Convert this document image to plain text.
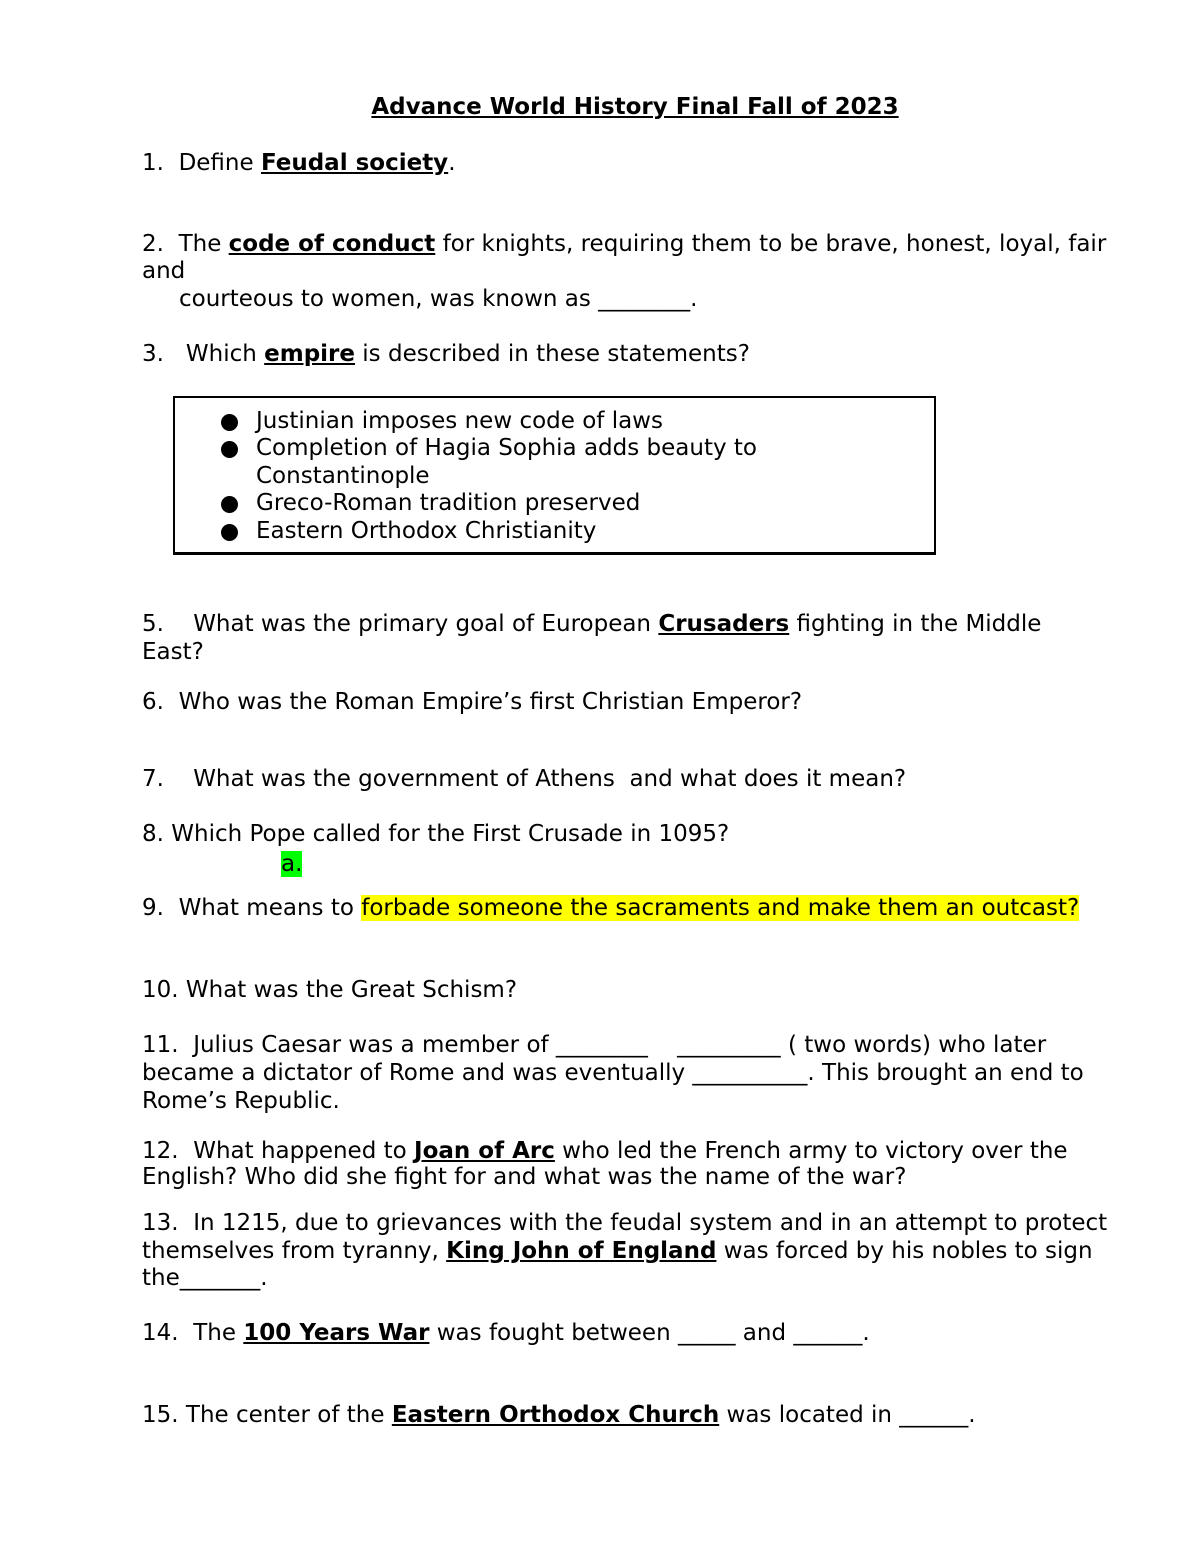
Advance World History Final Fall of 2023
1.  Define Feudal society.
2.  The code of conduct for knights, requiring them to be brave, honest, loyal, fair
and
courteous to women, was known as ________.
3.   Which empire is described in these statements?
Justinian imposes new code of laws
Completion of Hagia Sophia adds beauty to
Constantinople
Greco-Roman tradition preserved
Eastern Orthodox Christianity
5.    What was the primary goal of European Crusaders fighting in the Middle
East?
6.  Who was the Roman Empire’s first Christian Emperor?
7.    What was the government of Athens  and what does it mean?
8. Which Pope called for the First Crusade in 1095?
a.
9.  What means to forbade someone the sacraments and make them an outcast?
10. What was the Great Schism?
11.  Julius Caesar was a member of ________    _________ ( two words) who later
became a dictator of Rome and was eventually __________. This brought an end to
Rome’s Republic.
12.  What happened to Joan of Arc who led the French army to victory over the
English? Who did she fight for and what was the name of the war?
13.  In 1215, due to grievances with the feudal system and in an attempt to protect
themselves from tyranny, King John of England was forced by his nobles to sign
the_______.
14.  The 100 Years War was fought between _____ and ______.
15. The center of the Eastern Orthodox Church was located in ______.
